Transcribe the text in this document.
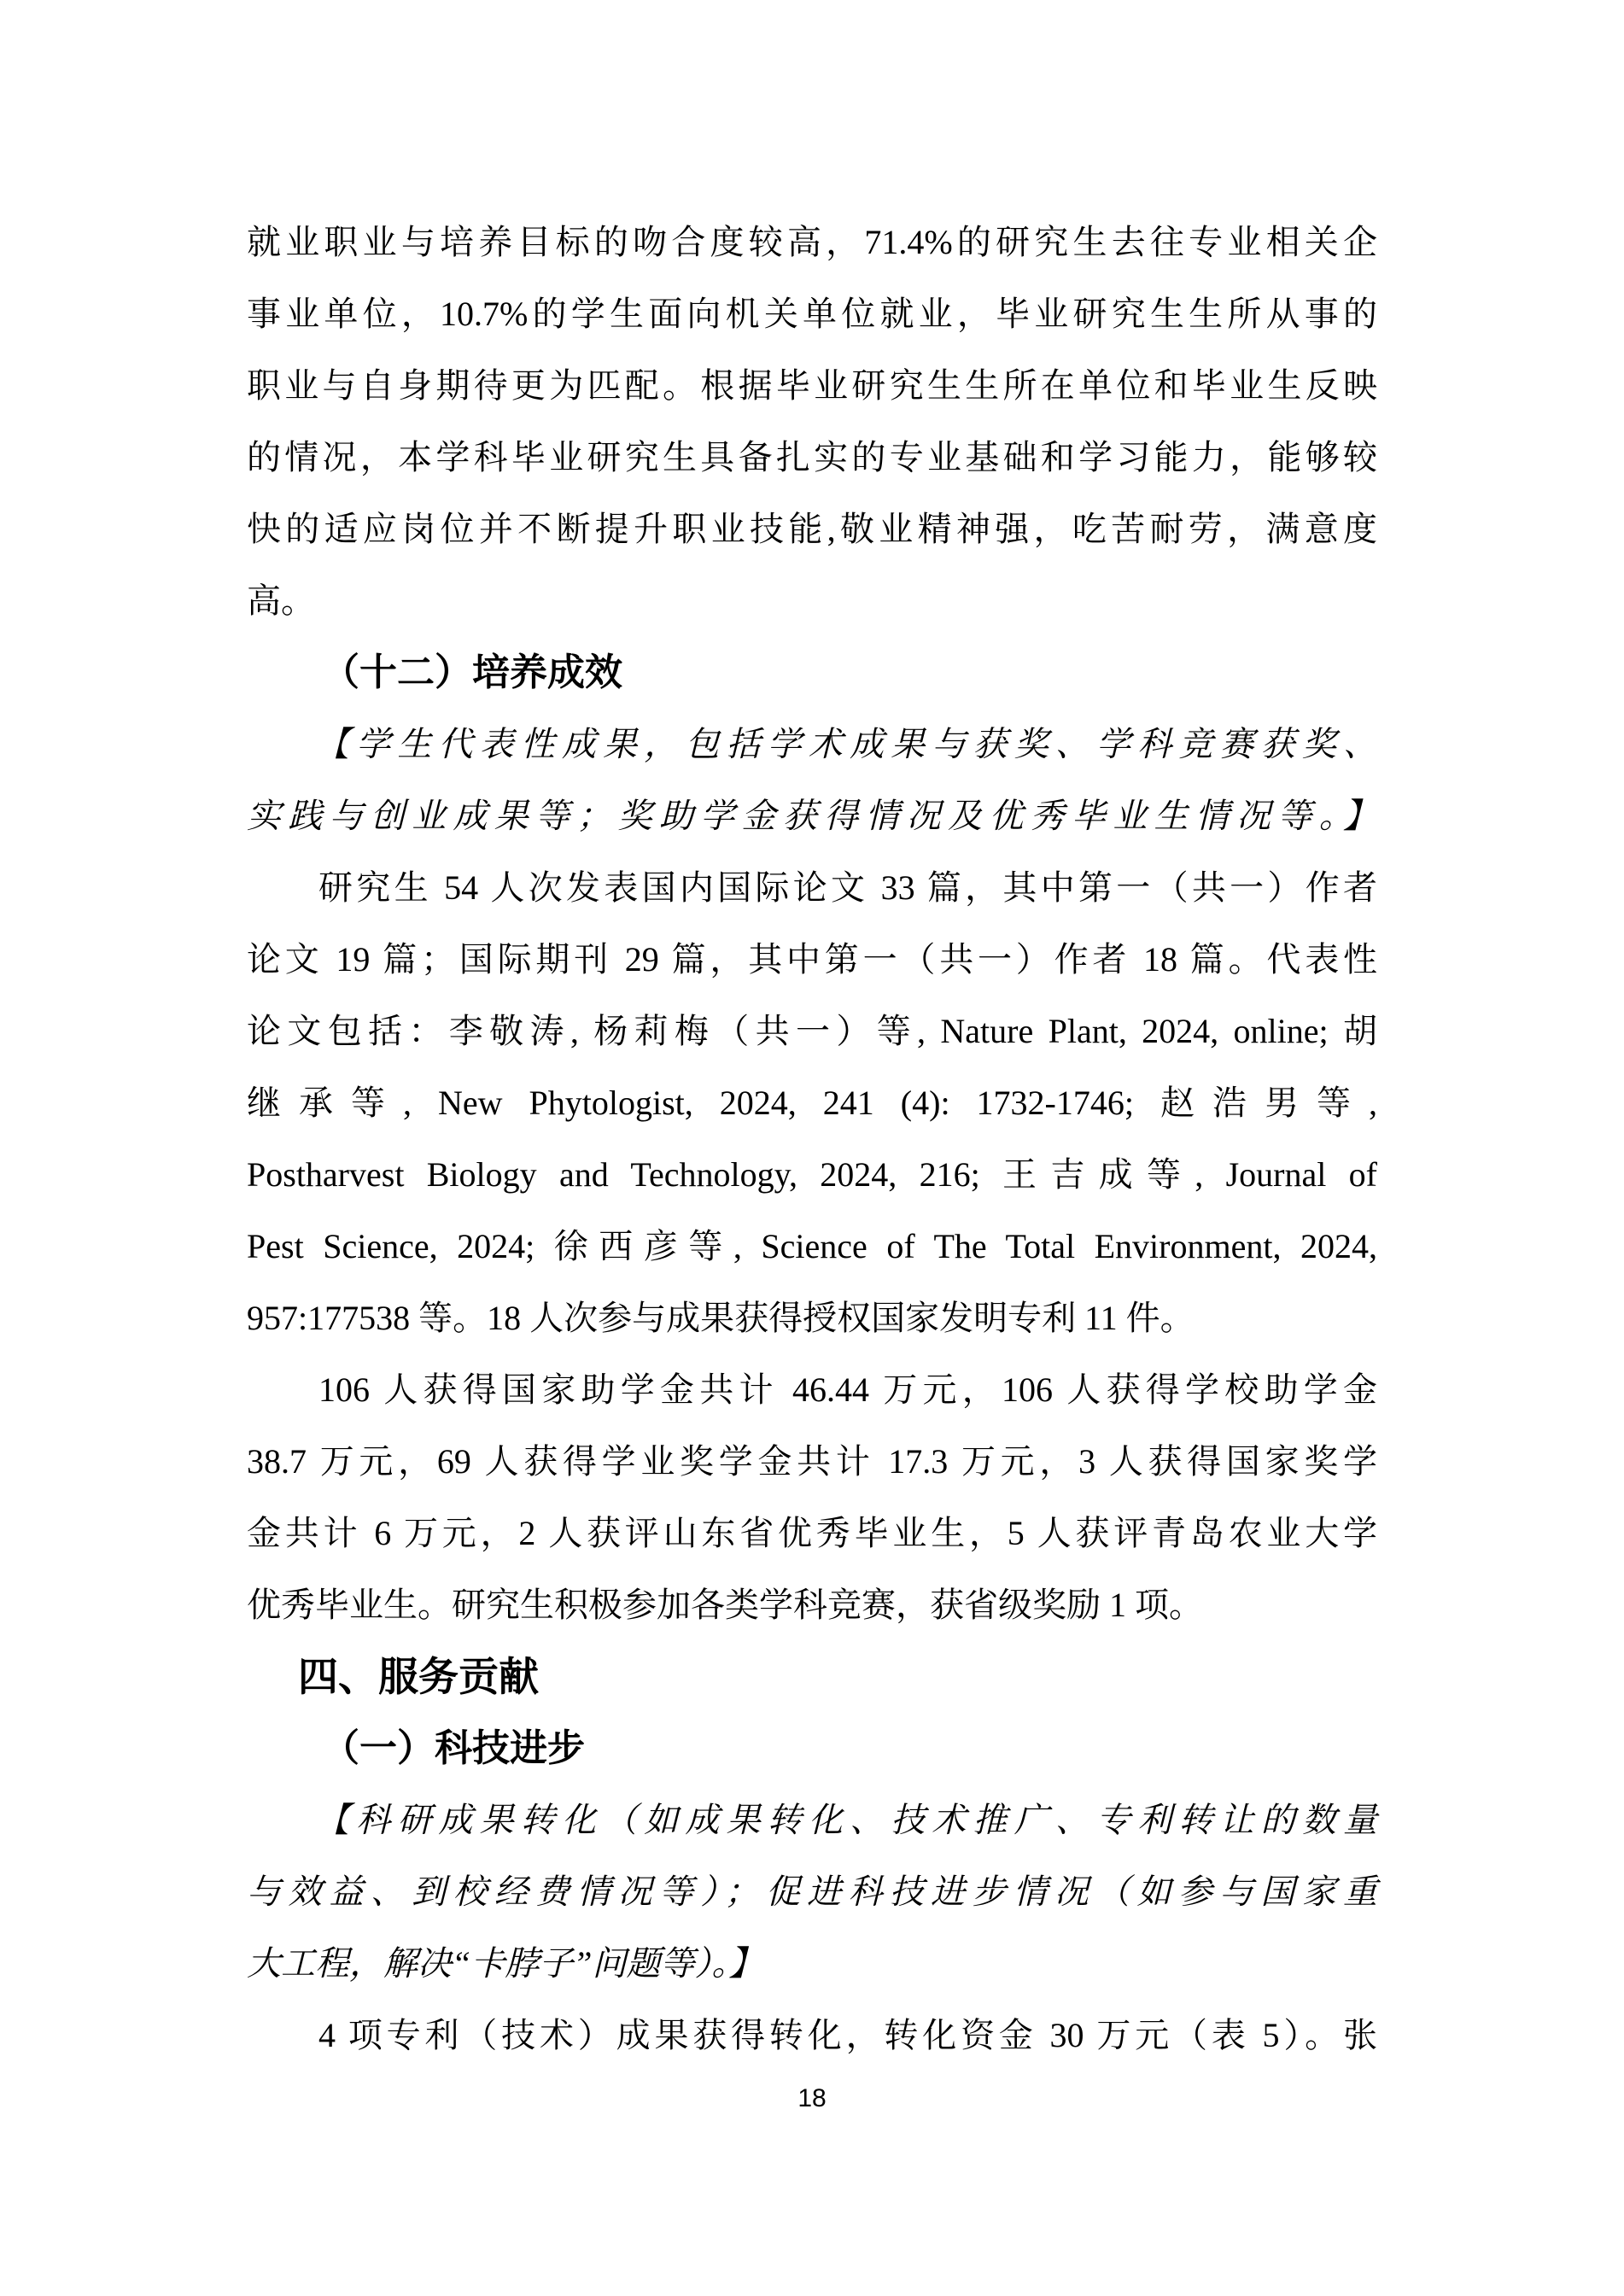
就业职业与培养目标的吻合度较高，71.4%的研究生去往专业相关企
事业单位，10.7%的学生面向机关单位就业，毕业研究生生所从事的
职业与自身期待更为匹配。根据毕业研究生生所在单位和毕业生反映
的情况，本学科毕业研究生具备扎实的专业基础和学习能力，能够较
快的适应岗位并不断提升职业技能,敬业精神强，吃苦耐劳，满意度
高。
（十二）培养成效
【学生代表性成果，包括学术成果与获奖、学科竞赛获奖、
实践与创业成果等；奖助学金获得情况及优秀毕业生情况等。】
研究生 54 人次发表国内国际论文 33 篇，其中第一（共一）作者
论文 19 篇；国际期刊 29 篇，其中第一（共一）作者 18 篇。代表性
论文包括：李敬涛, 杨莉梅（共一）等, Nature Plant, 2024, online; 胡
继承等, New Phytologist, 2024, 241 (4): 1732-1746; 赵浩男等,
Postharvest Biology and Technology, 2024, 216; 王吉成等, Journal of
Pest Science, 2024; 徐西彦等, Science of The Total Environment, 2024,
957:177538 等。18 人次参与成果获得授权国家发明专利 11 件。
106 人获得国家助学金共计 46.44 万元，106 人获得学校助学金
38.7 万元，69 人获得学业奖学金共计 17.3 万元，3 人获得国家奖学
金共计 6 万元，2 人获评山东省优秀毕业生，5 人获评青岛农业大学
优秀毕业生。研究生积极参加各类学科竞赛，获省级奖励 1 项。
四、服务贡献
（一）科技进步
【科研成果转化（如成果转化、技术推广、专利转让的数量
与效益、到校经费情况等）；促进科技进步情况（如参与国家重
大工程，解决“卡脖子”问题等）。】
4 项专利（技术）成果获得转化，转化资金 30 万元（表 5）。张
18
